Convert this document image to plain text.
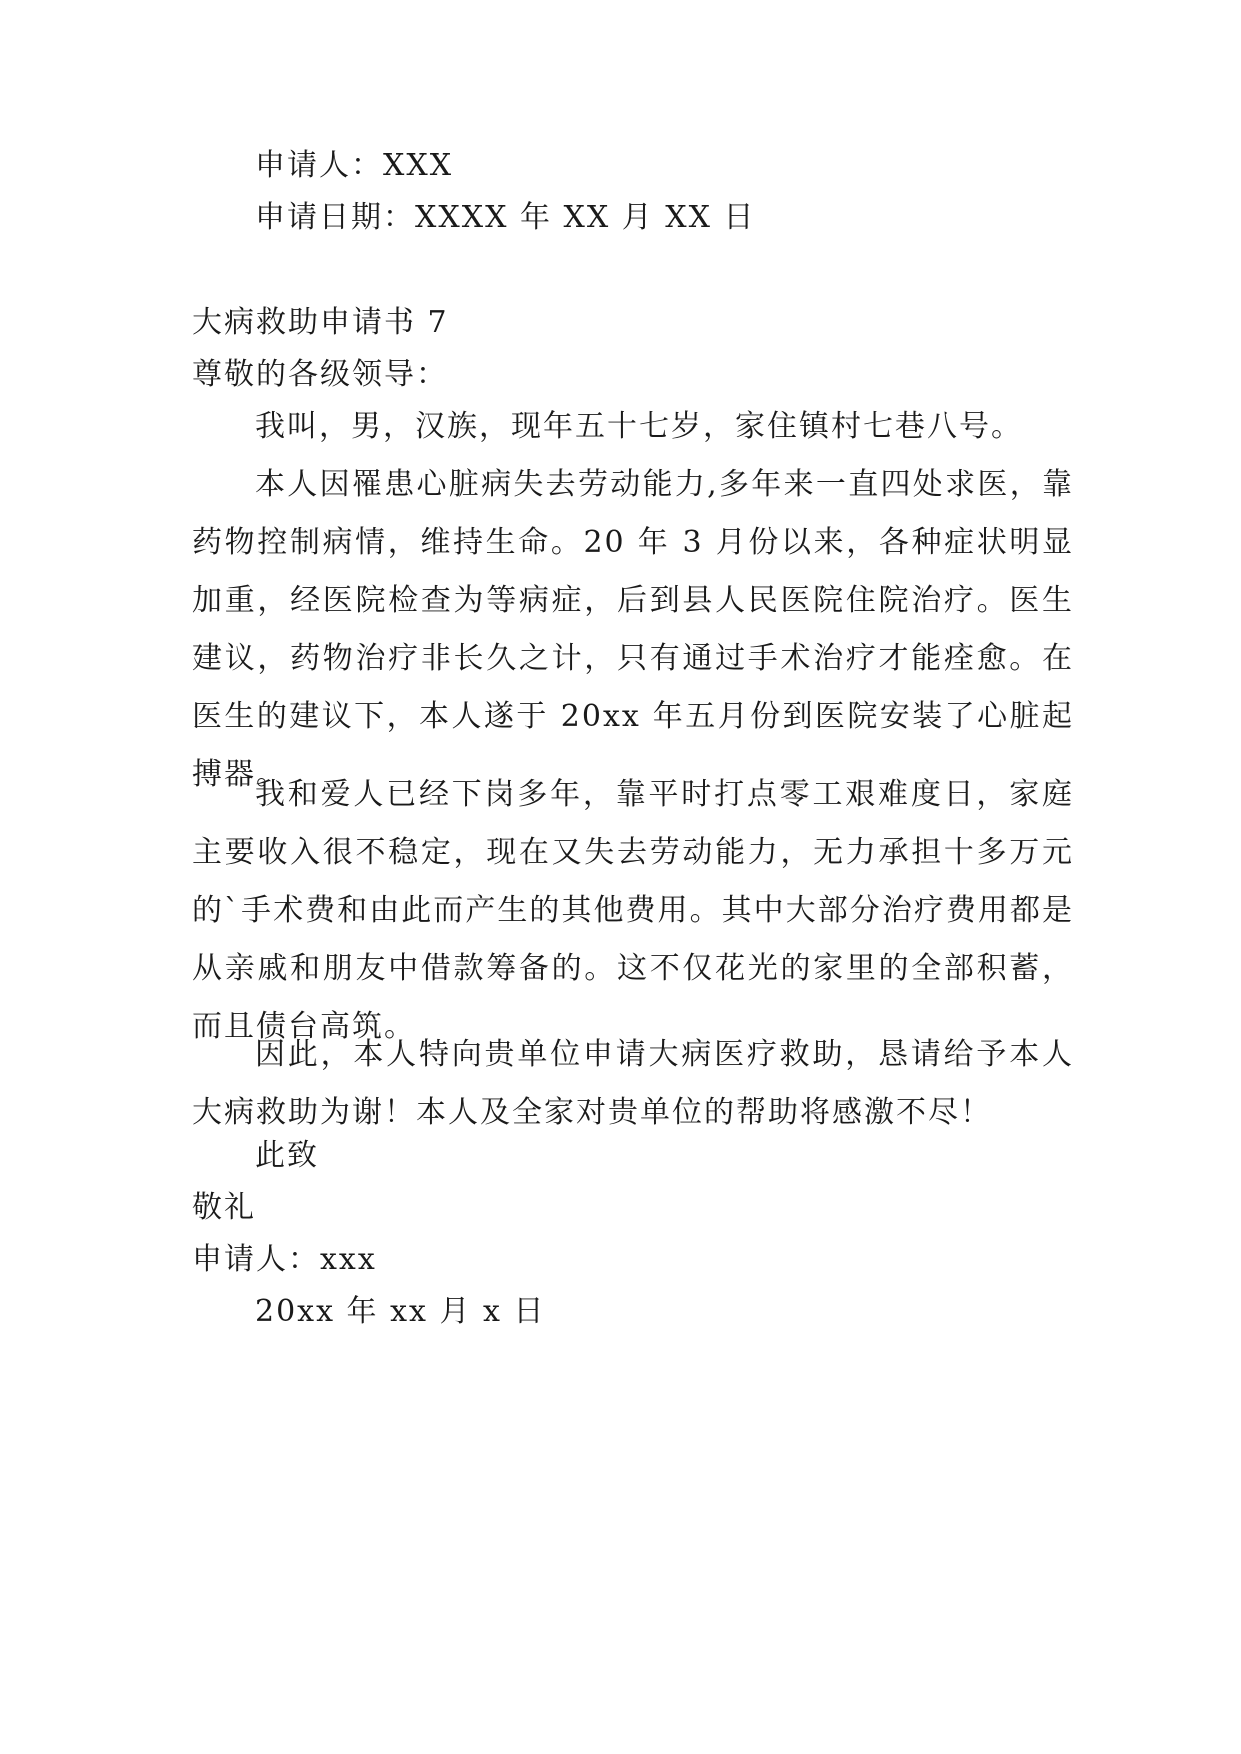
申请人：XXX
申请日期：XXXX 年 XX 月 XX 日
大病救助申请书 7
尊敬的各级领导：
我叫，男，汉族，现年五十七岁，家住镇村七巷八号。
本人因罹患心脏病失去劳动能力,多年来一直四处求医，靠药物控制病情，维持生命。20 年 3 月份以来，各种症状明显加重，经医院检查为等病症，后到县人民医院住院治疗。医生建议，药物治疗非长久之计，只有通过手术治疗才能痊愈。在医生的建议下，本人遂于 20xx 年五月份到医院安装了心脏起搏器。
我和爱人已经下岗多年，靠平时打点零工艰难度日，家庭主要收入很不稳定，现在又失去劳动能力，无力承担十多万元的`手术费和由此而产生的其他费用。其中大部分治疗费用都是从亲戚和朋友中借款筹备的。这不仅花光的家里的全部积蓄，而且债台高筑。
因此，本人特向贵单位申请大病医疗救助，恳请给予本人大病救助为谢！本人及全家对贵单位的帮助将感激不尽！
此致
敬礼
申请人：xxx
20xx 年 xx 月 x 日
